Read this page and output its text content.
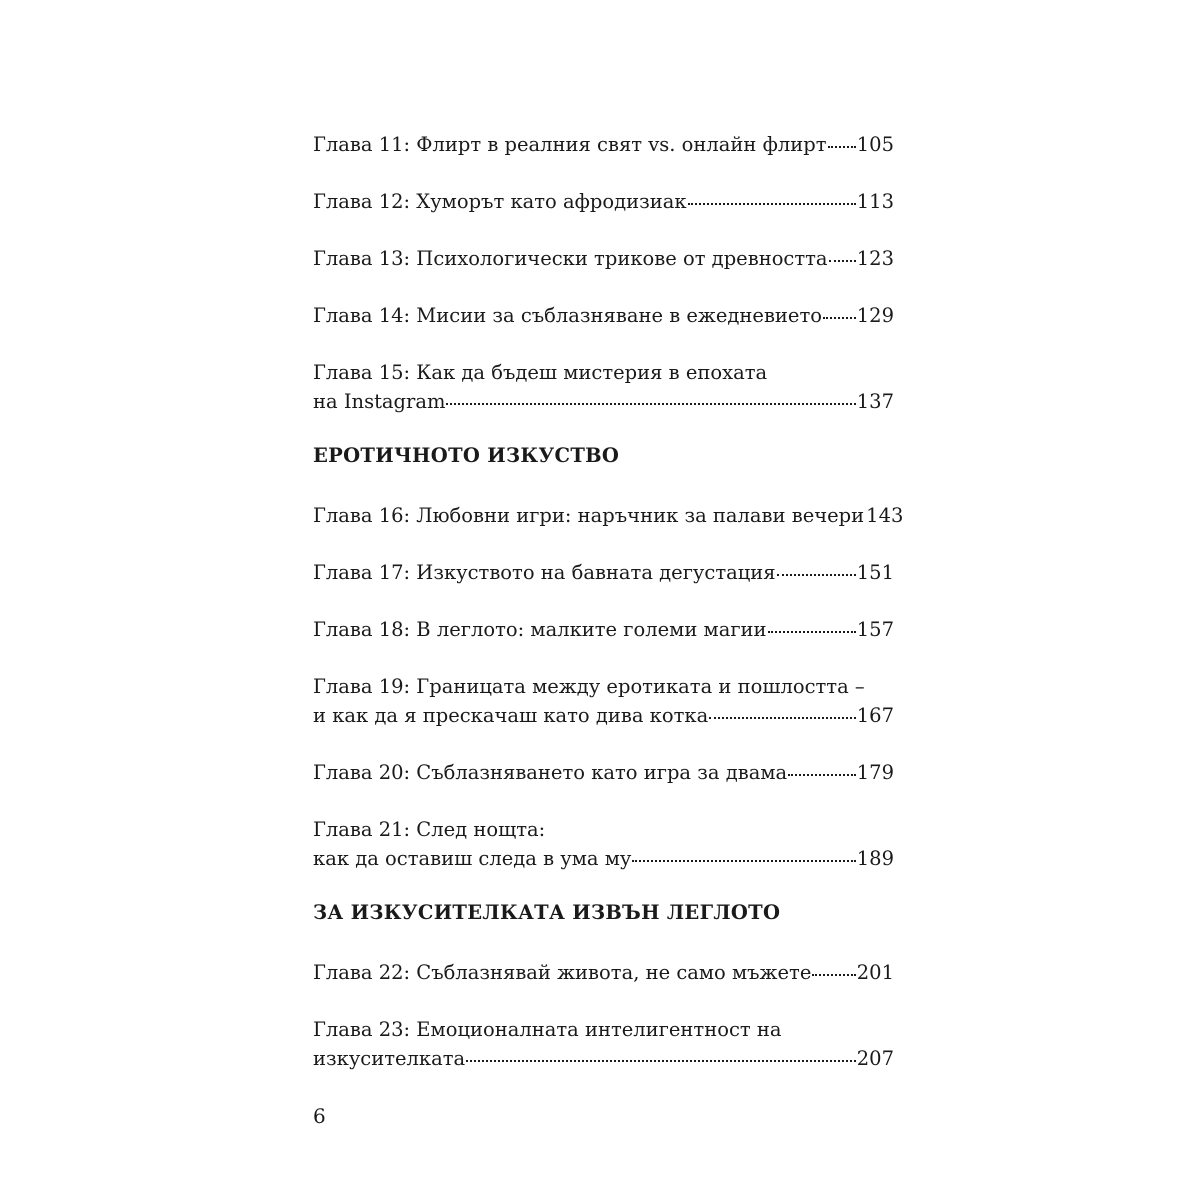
Глава 11: Флирт в реалния свят vs. онлайн флирт 105
Глава 12: Хуморът като афродизиак	113
Глава 13: Психологически трикове от древността 123
Глава 14: Мисии за съблазняване в ежедневието 129
Глава 15: Как да бъдеш мистерия в епохата
на Instagram	137
ЕРОТИЧНОТО ИЗКУСТВО
Глава 16: Любовни игри: наръчник за палави вечери 143
Глава 17: Изкуството на бавната дегустация	151
Глава 18: В леглото: малките големи магии	157
Глава 19: Границата между еротиката и пошлостта –
и как да я прескачаш като дива котка	167
Глава 20: Съблазняването като игра за двама	179
Глава 21: След нощта:
как да оставиш следа в ума му	189
ЗА ИЗКУСИТЕЛКАТА ИЗВЪН ЛЕГЛОТО
Глава 22: Съблазнявай живота, не само мъжете 201
Глава 23: Емоционалната интелигентност на
изкусителката	207
6
